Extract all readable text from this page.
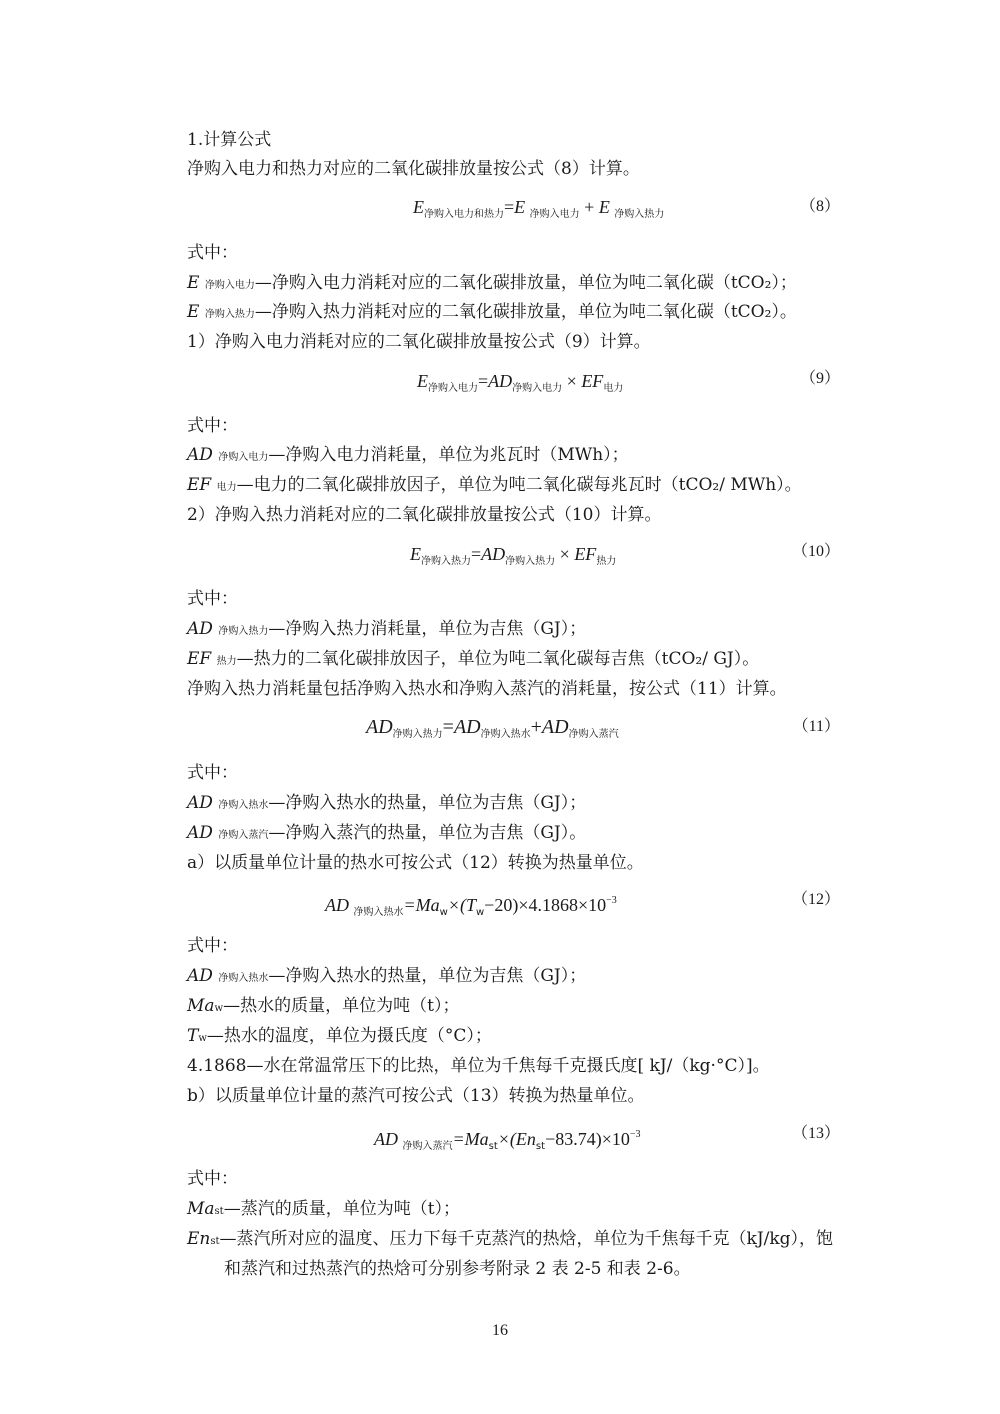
1.计算公式
净购入电力和热力对应的二氧化碳排放量按公式（8）计算。
$E_{净购入电力和热力}=E$ $_{净购入电力}$ + E $_{净购入热力}$	（8）
式中：
E 净购入电力—净购入电力消耗对应的二氧化碳排放量，单位为吨二氧化碳（tCO₂）；
E 净购入热力—净购入热力消耗对应的二氧化碳排放量，单位为吨二氧化碳（tCO₂）。
1）净购入电力消耗对应的二氧化碳排放量按公式（9）计算。
$E_{净购入电力}=AD_{净购入电力} \times EF_{电力}$
（9）
式中：
AD 净购入电力—净购入电力消耗量，单位为兆瓦时（MWh）；
EF 电力—电力的二氧化碳排放因子，单位为吨二氧化碳每兆瓦时（tCO₂/ MWh）。
2）净购入热力消耗对应的二氧化碳排放量按公式（10）计算。
$E_{净购入热力}=AD_{净购入热力} \times EF_{热力}$
（10）
式中：
AD 净购入热力—净购入热力消耗量，单位为吉焦（GJ）；
EF 热力—热力的二氧化碳排放因子，单位为吨二氧化碳每吉焦（tCO₂/ GJ）。
净购入热力消耗量包括净购入热水和净购入蒸汽的消耗量，按公式（11）计算。
$AD_{净购入热力}=AD_{净购入热水}+AD_{净购入蒸汽}$	（11）
式中：
AD 净购入热水—净购入热水的热量，单位为吉焦（GJ）；
AD 净购入蒸汽—净购入蒸汽的热量，单位为吉焦（GJ）。
a）以质量单位计量的热水可按公式（12）转换为热量单位。
AD $_{净购入热水}=Ma_w\times(T_w-20)\times 4.1868\times 10^{-3}$	（12）
式中：
AD 净购入热水—净购入热水的热量，单位为吉焦（GJ）；
Maw—热水的质量，单位为吨（t）；
Tw—热水的温度，单位为摄氏度（°C）；
4.1868—水在常温常压下的比热，单位为千焦每千克摄氏度[ kJ/（kg·°C）]。
b）以质量单位计量的蒸汽可按公式（13）转换为热量单位。
AD $_{净购入蒸汽}=Ma_{st}\times(En_{st}-83.74)\times 10^{-3}$	（13）
式中：
Mast—蒸汽的质量，单位为吨（t）；
Enst—蒸汽所对应的温度、压力下每千克蒸汽的热焓，单位为千焦每千克（kJ/kg），饱
和蒸汽和过热蒸汽的热焓可分别参考附录 2 表 2-5 和表 2-6。
16
